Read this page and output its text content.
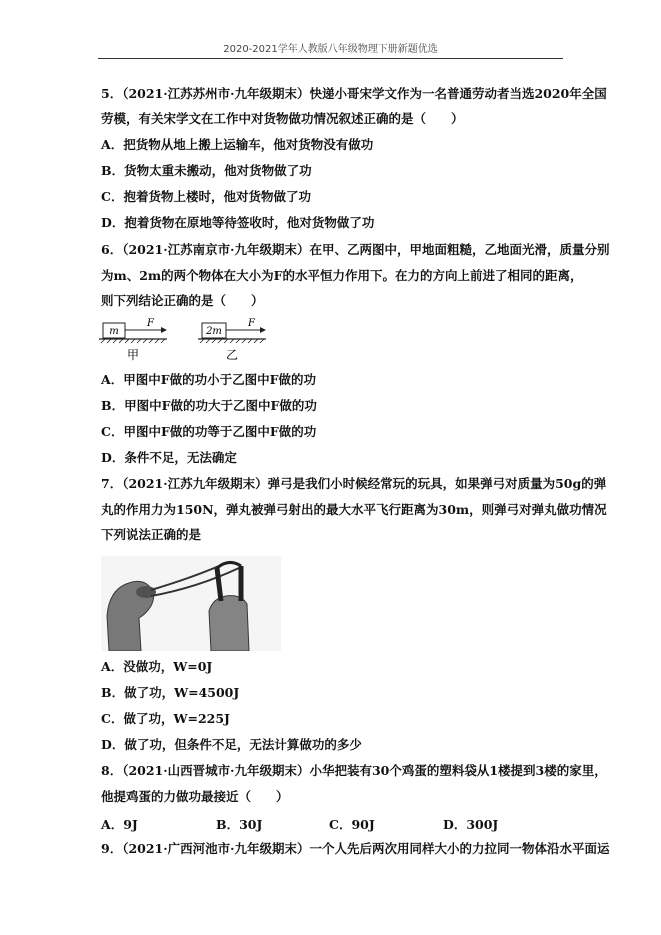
2020-2021学年人教版八年级物理下册新题优选
5．（2021·江苏苏州市·九年级期末）快递小哥宋学文作为一名普通劳动者当选2020年全国
劳模，有关宋学文在工作中对货物做功情况叙述正确的是（　　）
A．把货物从地上搬上运输车，他对货物没有做功
B．货物太重未搬动，他对货物做了功
C．抱着货物上楼时，他对货物做了功
D．抱着货物在原地等待签收时，他对货物做了功
6．（2021·江苏南京市·九年级期末）在甲、乙两图中，甲地面粗糙，乙地面光滑，质量分别
为m、2m的两个物体在大小为F的水平恒力作用下。在力的方向上前进了相同的距离，
则下列结论正确的是（　　）
m
F
甲
2m
F
乙
A．甲图中F做的功小于乙图中F做的功
B．甲图中F做的功大于乙图中F做的功
C．甲图中F做的功等于乙图中F做的功
D．条件不足，无法确定
7．（2021·江苏九年级期末）弹弓是我们小时候经常玩的玩具，如果弹弓对质量为50g的弹
丸的作用力为150N，弹丸被弹弓射出的最大水平飞行距离为30m，则弹弓对弹丸做功情况
下列说法正确的是
A．没做功，W=0J
B．做了功，W=4500J
C．做了功，W=225J
D．做了功，但条件不足，无法计算做功的多少
8．（2021·山西晋城市·九年级期末）小华把装有30个鸡蛋的塑料袋从1楼提到3楼的家里，
他提鸡蛋的力做功最接近（　　）
A．9J	B．30J	C．90J	D．300J
9．（2021·广西河池市·九年级期末）一个人先后两次用同样大小的力拉同一物体沿水平面运
